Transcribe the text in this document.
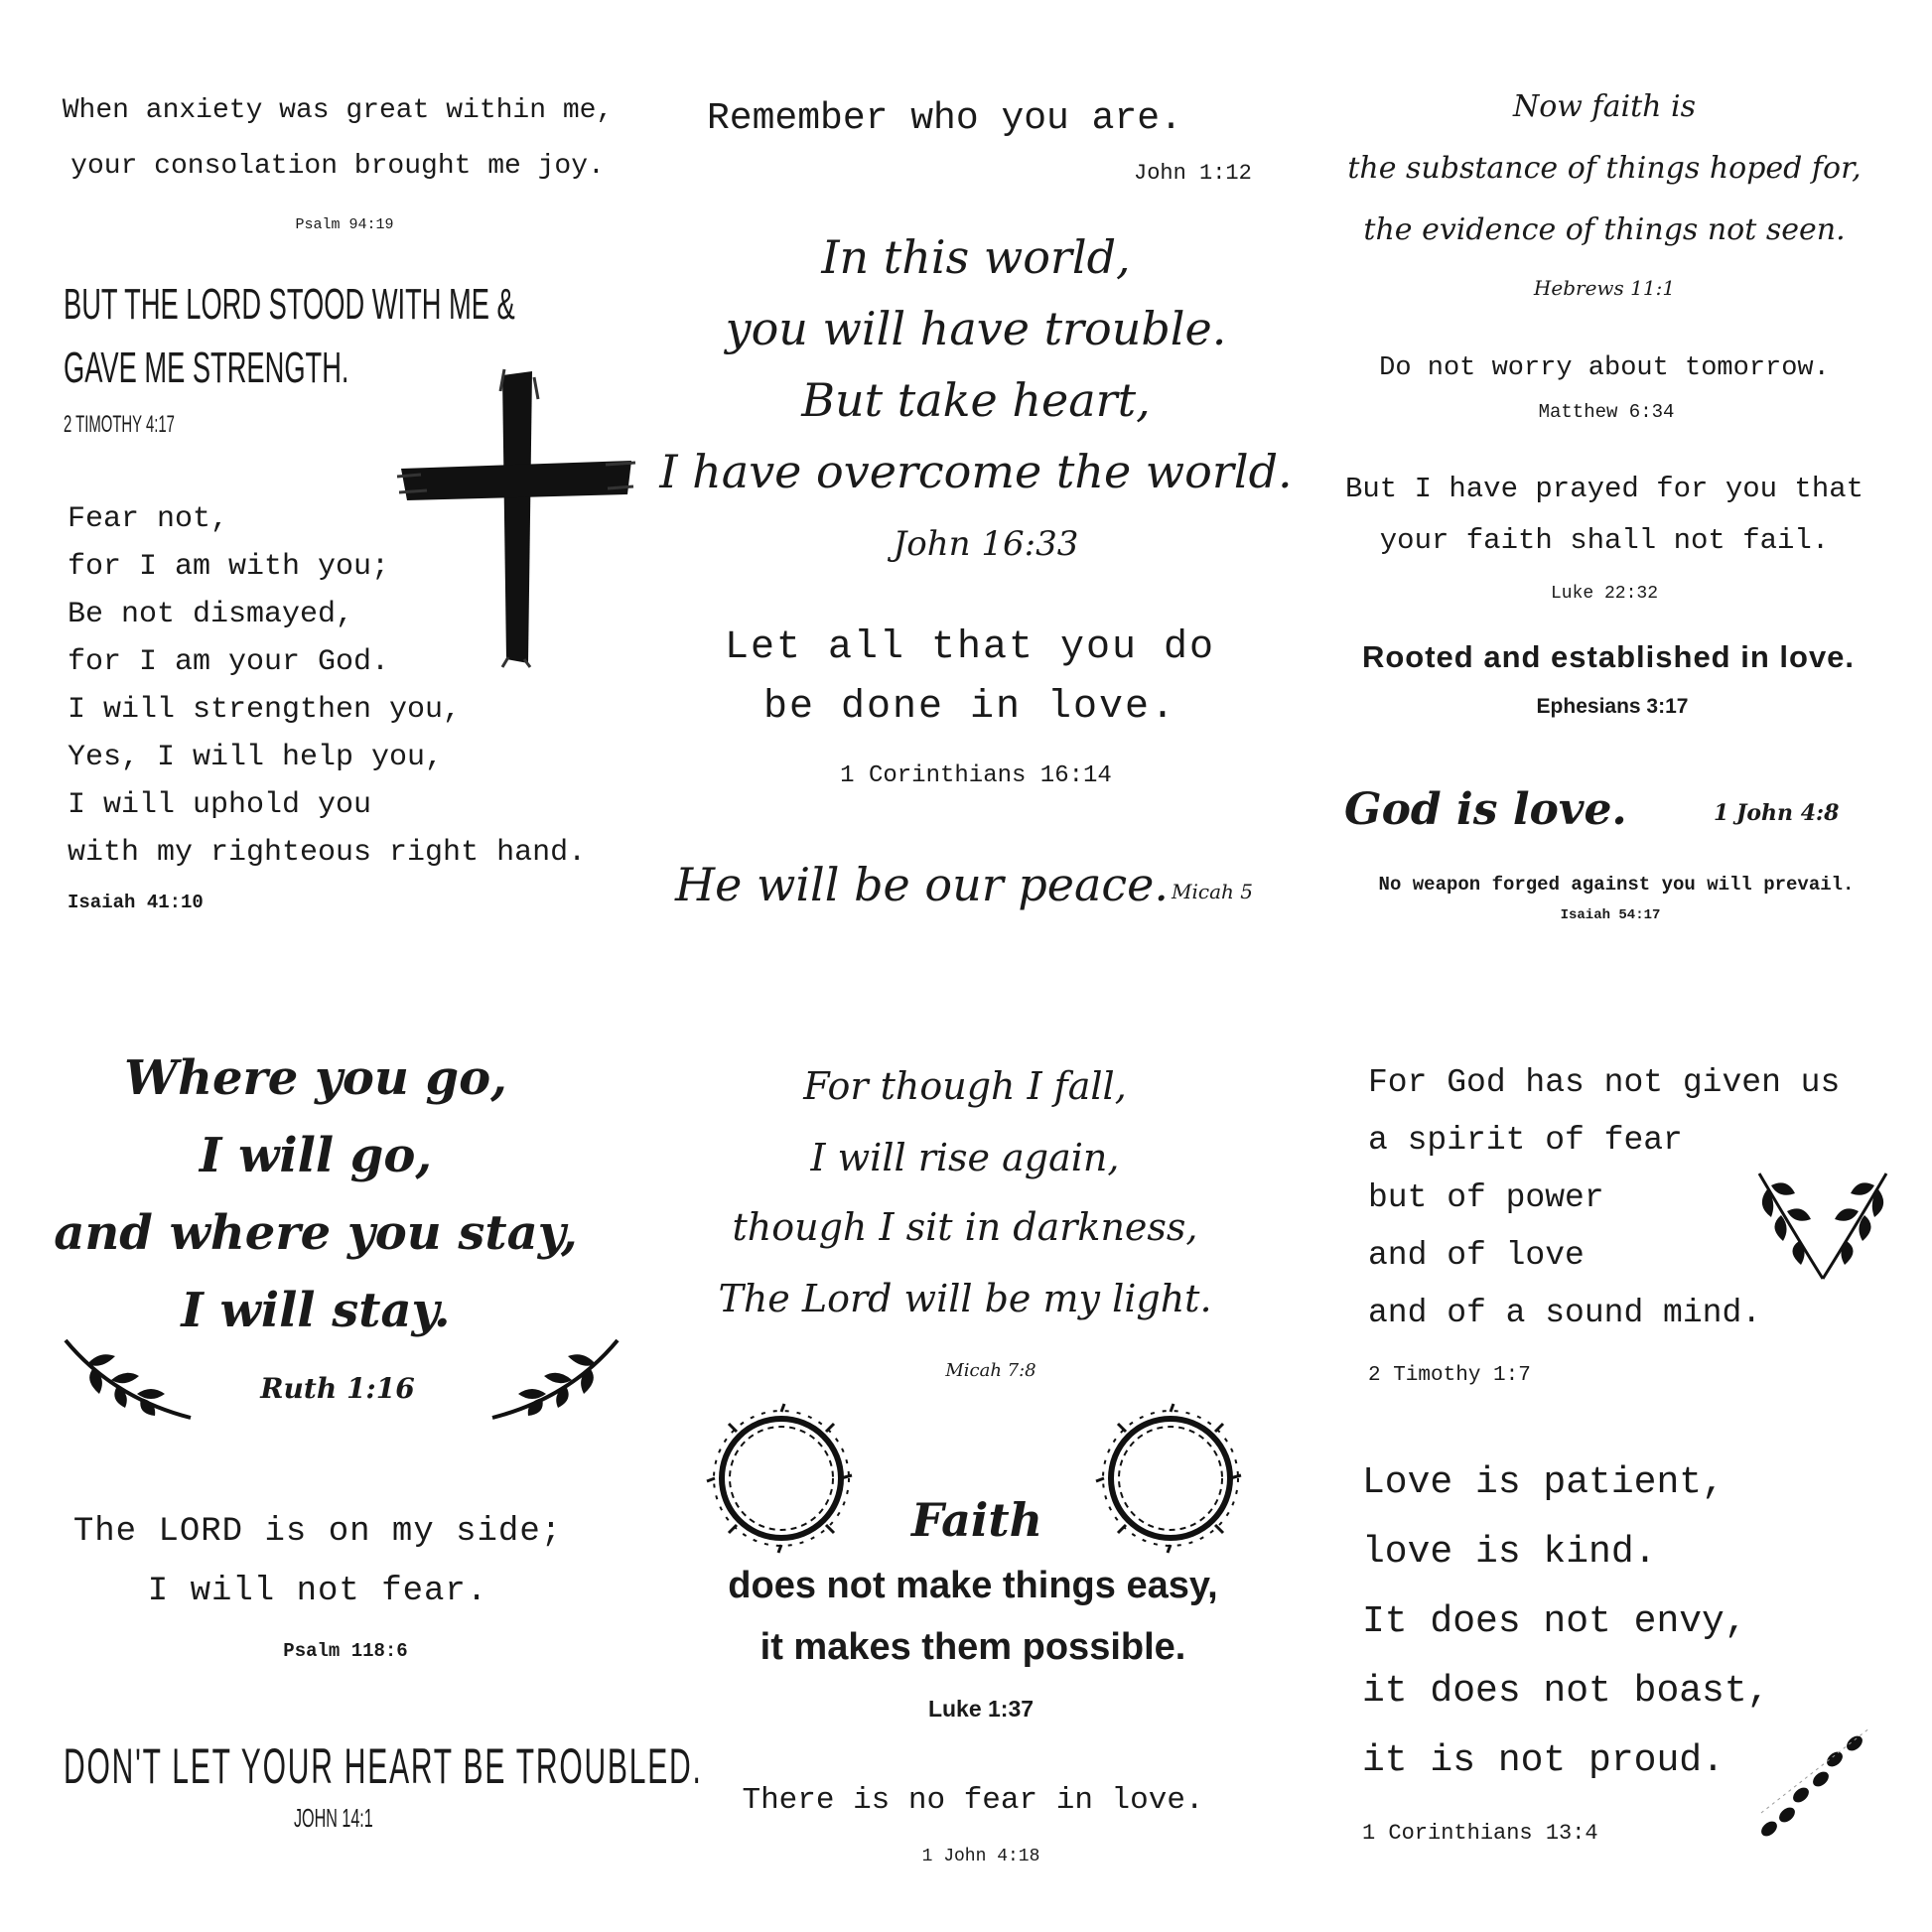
When anxiety was great within me,

your consolation brought me joy.

Psalm 94:19

BUT THE LORD STOOD WITH ME &

GAVE ME STRENGTH.

2 TIMOTHY 4:17

Fear not,

for I am with you;

Be not dismayed,

for I am your God.

I will strengthen you,

Yes, I will help you,

I will uphold you

with my righteous right hand.

Isaiah 41:10

Remember who you are.

John 1:12

In this world,

you will have trouble.

But take heart,

I have overcome the world.

John 16:33

Let all that you do

be done in love.

1 Corinthians 16:14

He will be our peace. Micah 5

Now faith is

the substance of things hoped for,

the evidence of things not seen.

Hebrews 11:1

Do not worry about tomorrow.

Matthew 6:34

But I have prayed for you that

your faith shall not fail.

Luke 22:32

Rooted and established in love.

Ephesians 3:17

God is love.	1 John 4:8

No weapon forged against you will prevail.

Isaiah 54:17

Where you go,

I will go,

and where you stay,

I will stay.

Ruth 1:16

The LORD is on my side;

I will not fear.

Psalm 118:6

DON'T LET YOUR HEART BE TROUBLED.

JOHN 14:1

For though I fall,

I will rise again,

though I sit in darkness,

The Lord will be my light.

Micah 7:8

Faith

does not make things easy,

it makes them possible.

Luke 1:37

There is no fear in love.

1 John 4:18

For God has not given us

a spirit of fear

but of power

and of love

and of a sound mind.

2 Timothy 1:7

Love is patient,

love is kind.

It does not envy,

it does not boast,

it is not proud.

1 Corinthians 13:4
